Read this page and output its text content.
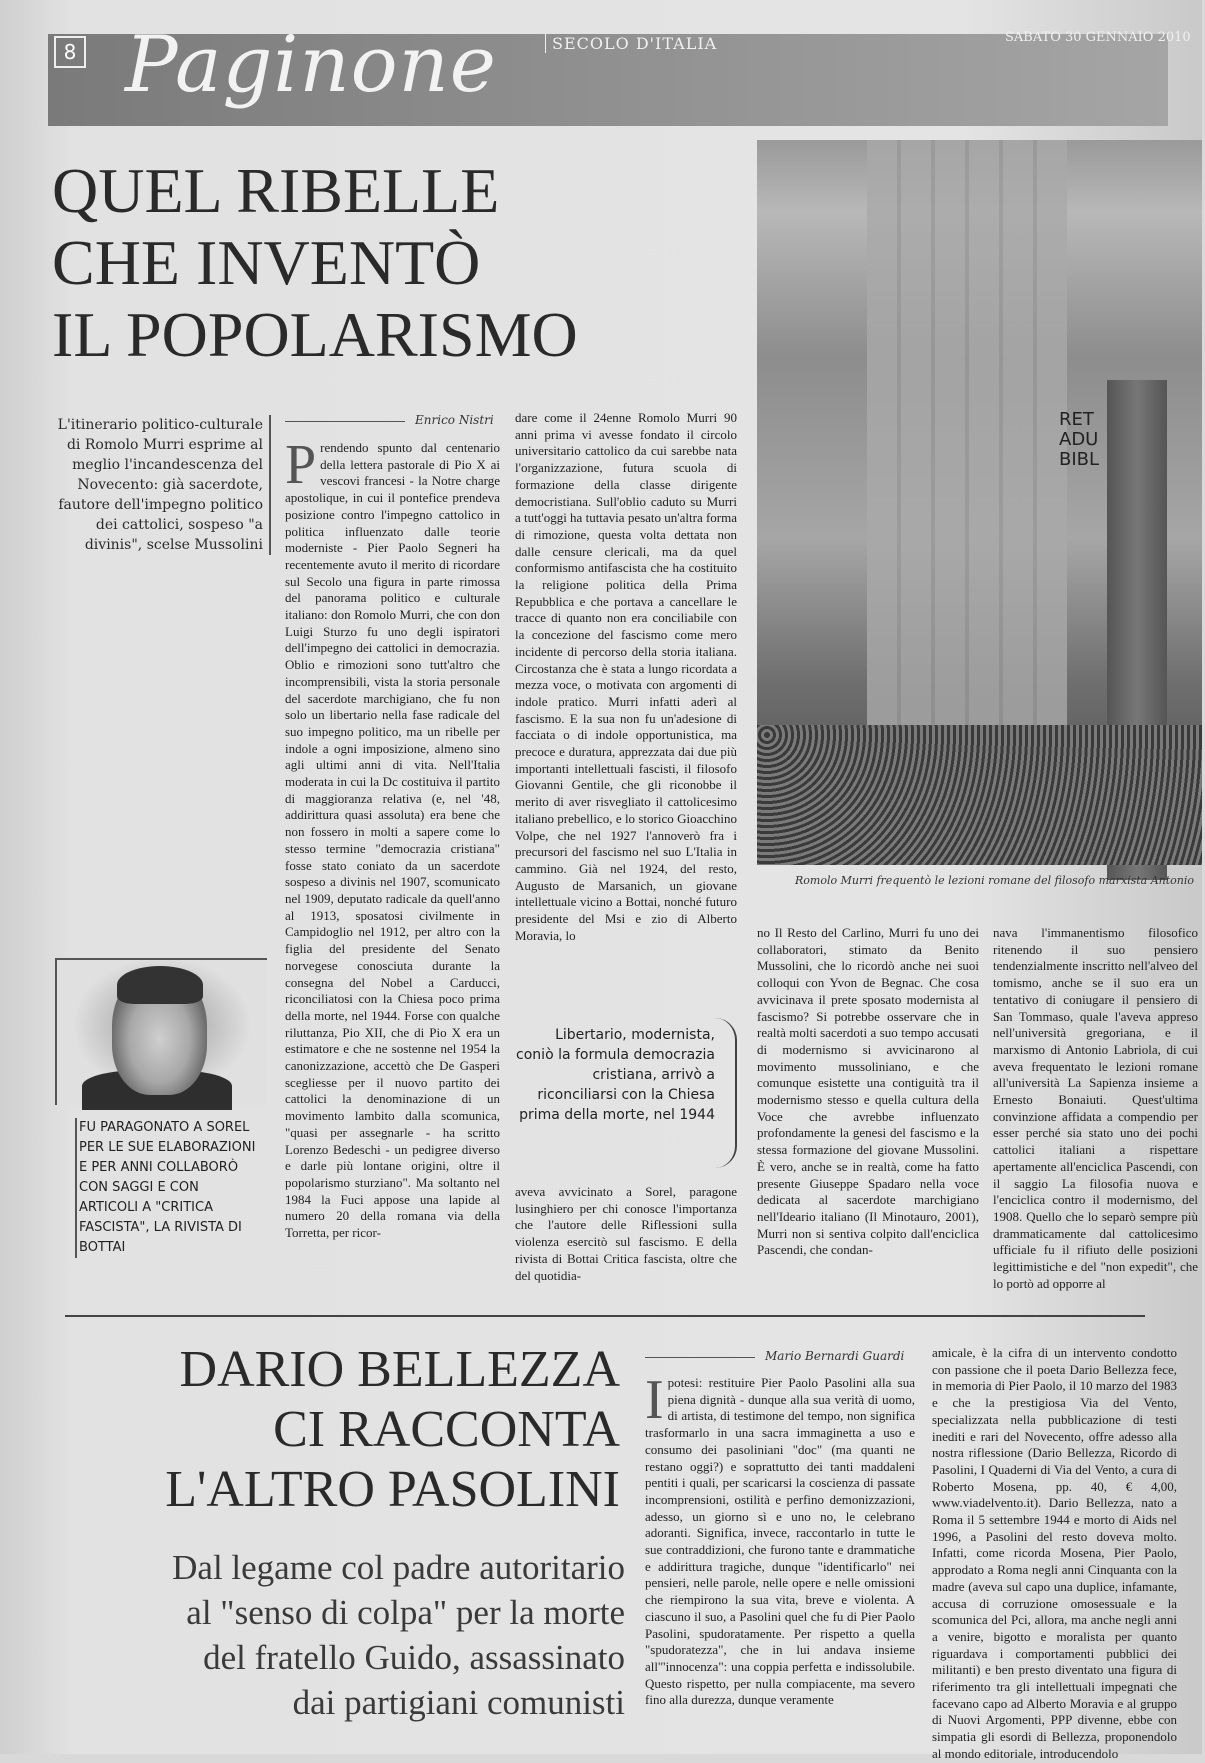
8 Paginone	SECOLO D'ITALIA	SABATO 30 GENNAIO 2010
QUEL RIBELLE
CHE INVENTÒ
IL POPOLARISMO
RET
ADU
BIBL
Romolo Murri frequentò le lezioni romane del filosofo marxista Antonio
L'itinerario politico-culturale di Romolo Murri esprime al meglio l'incandescenza del Novecento: già sacerdote, fautore dell'impegno politico dei cattolici, sospeso "a divinis", scelse Mussolini
Enrico Nistri
Prendendo spunto dal centenario della lettera pastorale di Pio X ai vescovi francesi - la Notre charge apostolique, in cui il pontefice prendeva posizione contro l'impegno cattolico in politica influenzato dalle teorie moderniste - Pier Paolo Segneri ha recentemente avuto il merito di ricordare sul Secolo una figura in parte rimossa del panorama politico e culturale italiano: don Romolo Murri, che con don Luigi Sturzo fu uno degli ispiratori dell'impegno dei cattolici in democrazia. Oblio e rimozioni sono tutt'altro che incomprensibili, vista la storia personale del sacerdote marchigiano, che fu non solo un libertario nella fase radicale del suo impegno politico, ma un ribelle per indole a ogni imposizione, almeno sino agli ultimi anni di vita. Nell'Italia moderata in cui la Dc costituiva il partito di maggioranza relativa (e, nel '48, addirittura quasi assoluta) era bene che non fossero in molti a sapere come lo stesso termine "democrazia cristiana" fosse stato coniato da un sacerdote sospeso a divinis nel 1907, scomunicato nel 1909, deputato radicale da quell'anno al 1913, sposatosi civilmente in Campidoglio nel 1912, per altro con la figlia del presidente del Senato norvegese conosciuta durante la consegna del Nobel a Carducci, riconciliatosi con la Chiesa poco prima della morte, nel 1944. Forse con qualche riluttanza, Pio XII, che di Pio X era un estimatore e che ne sostenne nel 1954 la canonizzazione, accettò che De Gasperi scegliesse per il nuovo partito dei cattolici la denominazione di un movimento lambito dalla scomunica, "quasi per assegnarle - ha scritto Lorenzo Bedeschi - un pedigree diverso e darle più lontane origini, oltre il popolarismo sturziano". Ma soltanto nel 1984 la Fuci appose una lapide al numero 20 della romana via della Torretta, per ricor-
dare come il 24enne Romolo Murri 90 anni prima vi avesse fondato il circolo universitario cattolico da cui sarebbe nata l'organizzazione, futura scuola di formazione della classe dirigente democristiana. Sull'oblio caduto su Murri a tutt'oggi ha tuttavia pesato un'altra forma di rimozione, questa volta dettata non dalle censure clericali, ma da quel conformismo antifascista che ha costituito la religione politica della Prima Repubblica e che portava a cancellare le tracce di quanto non era conciliabile con la concezione del fascismo come mero incidente di percorso della storia italiana. Circostanza che è stata a lungo ricordata a mezza voce, o motivata con argomenti di indole pratico. Murri infatti aderì al fascismo. E la sua non fu un'adesione di facciata o di indole opportunistica, ma precoce e duratura, apprezzata dai due più importanti intellettuali fascisti, il filosofo Giovanni Gentile, che gli riconobbe il merito di aver risvegliato il cattolicesimo italiano prebellico, e lo storico Gioacchino Volpe, che nel 1927 l'annoverò fra i precursori del fascismo nel suo L'Italia in cammino. Già nel 1924, del resto, Augusto de Marsanich, un giovane intellettuale vicino a Bottai, nonché futuro presidente del Msi e zio di Alberto Moravia, lo
aveva avvicinato a Sorel, paragone lusinghiero per chi conosce l'importanza che l'autore delle Riflessioni sulla violenza esercitò sul fascismo. E della rivista di Bottai Critica fascista, oltre che del quotidia-
no Il Resto del Carlino, Murri fu uno dei collaboratori, stimato da Benito Mussolini, che lo ricordò anche nei suoi colloqui con Yvon de Begnac. Che cosa avvicinava il prete sposato modernista al fascismo? Si potrebbe osservare che in realtà molti sacerdoti a suo tempo accusati di modernismo si avvicinarono al movimento mussoliniano, e che comunque esistette una contiguità tra il modernismo stesso e quella cultura della Voce che avrebbe influenzato profondamente la genesi del fascismo e la stessa formazione del giovane Mussolini. È vero, anche se in realtà, come ha fatto presente Giuseppe Spadaro nella voce dedicata al sacerdote marchigiano nell'Ideario italiano (Il Minotauro, 2001), Murri non si sentiva colpito dall'enciclica Pascendi, che condan-
nava l'immanentismo filosofico ritenendo il suo pensiero tendenzialmente inscritto nell'alveo del tomismo, anche se il suo era un tentativo di coniugare il pensiero di San Tommaso, quale l'aveva appreso nell'università gregoriana, e il marxismo di Antonio Labriola, di cui aveva frequentato le lezioni romane all'università La Sapienza insieme a Ernesto Bonaiuti. Quest'ultima convinzione affidata a compendio per esser perché sia stato uno dei pochi cattolici italiani a rispettare apertamente all'enciclica Pascendi, con il saggio La filosofia nuova e l'enciclica contro il modernismo, del 1908. Quello che lo separò sempre più drammaticamente dal cattolicesimo ufficiale fu il rifiuto delle posizioni legittimistiche e del "non expedit", che lo portò ad opporre al
FU PARAGONATO A SOREL PER LE SUE ELABORAZIONI E PER ANNI COLLABORÒ CON SAGGI E CON ARTICOLI A "CRITICA FASCISTA", LA RIVISTA DI BOTTAI
Libertario, modernista, coniò la formula democrazia cristiana, arrivò a riconciliarsi con la Chiesa prima della morte, nel 1944
DARIO BELLEZZA
CI RACCONTA
L'ALTRO PASOLINI
Dal legame col padre autoritario
al "senso di colpa" per la morte
del fratello Guido, assassinato
dai partigiani comunisti
Mario Bernardi Guardi
Ipotesi: restituire Pier Paolo Pasolini alla sua piena dignità - dunque alla sua verità di uomo, di artista, di testimone del tempo, non significa trasformarlo in una sacra immaginetta a uso e consumo dei pasoliniani "doc" (ma quanti ne restano oggi?) e soprattutto dei tanti maddaleni pentiti i quali, per scaricarsi la coscienza di passate incomprensioni, ostilità e perfino demonizzazioni, adesso, un giorno sì e uno no, le celebrano adoranti. Significa, invece, raccontarlo in tutte le sue contraddizioni, che furono tante e drammatiche e addirittura tragiche, dunque "identificarlo" nei pensieri, nelle parole, nelle opere e nelle omissioni che riempirono la sua vita, breve e violenta. A ciascuno il suo, a Pasolini quel che fu di Pier Paolo Pasolini, spudoratamente. Per rispetto a quella "spudoratezza", che in lui andava insieme all'"innocenza": una coppia perfetta e indissolubile. Questo rispetto, per nulla compiacente, ma severo fino alla durezza, dunque veramente
amicale, è la cifra di un intervento condotto con passione che il poeta Dario Bellezza fece, in memoria di Pier Paolo, il 10 marzo del 1983 e che la prestigiosa Via del Vento, specializzata nella pubblicazione di testi inediti e rari del Novecento, offre adesso alla nostra riflessione (Dario Bellezza, Ricordo di Pasolini, I Quaderni di Via del Vento, a cura di Roberto Mosena, pp. 40, € 4,00, www.viadelvento.it). Dario Bellezza, nato a Roma il 5 settembre 1944 e morto di Aids nel 1996, a Pasolini del resto doveva molto. Infatti, come ricorda Mosena, Pier Paolo, approdato a Roma negli anni Cinquanta con la madre (aveva sul capo una duplice, infamante, accusa di corruzione omosessuale e la scomunica del Pci, allora, ma anche negli anni a venire, bigotto e moralista per quanto riguardava i comportamenti pubblici dei militanti) e ben presto diventato una figura di riferimento tra gli intellettuali impegnati che facevano capo ad Alberto Moravia e al gruppo di Nuovi Argomenti, PPP divenne, ebbe con simpatia gli esordi di Bellezza, proponendolo al mondo editoriale, introducendolo
